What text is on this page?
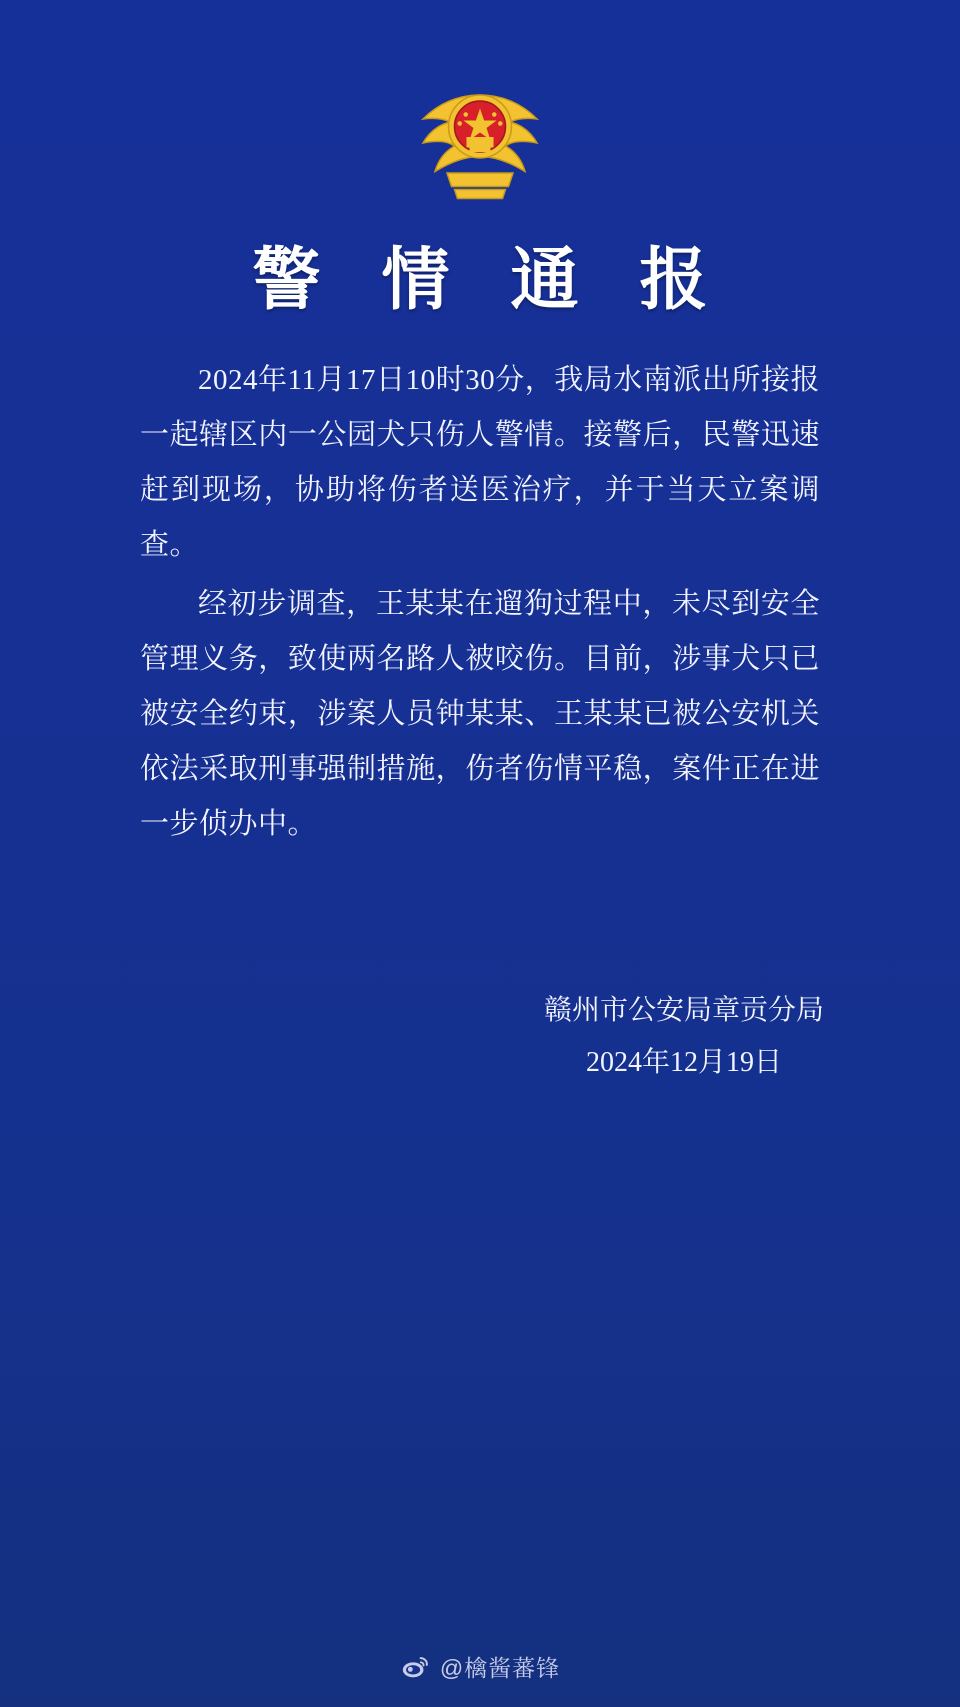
警 情 通 报

2024年11月17日10时30分，我局水南派出所接报一起辖区内一公园犬只伤人警情。接警后，民警迅速赶到现场，协助将伤者送医治疗，并于当天立案调查。

经初步调查，王某某在遛狗过程中，未尽到安全管理义务，致使两名路人被咬伤。目前，涉事犬只已被安全约束，涉案人员钟某某、王某某已被公安机关依法采取刑事强制措施，伤者伤情平稳，案件正在进一步侦办中。

赣州市公安局章贡分局
2024年12月19日
@檎酱蕃锋
